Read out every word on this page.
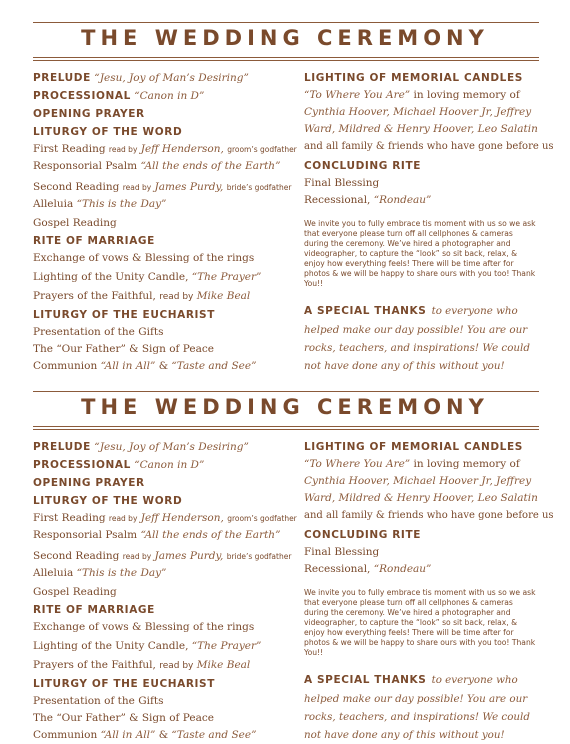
THE WEDDING CEREMONY
PRELUDE “Jesu, Joy of Man’s Desiring”
PROCESSIONAL “Canon in D”
OPENING PRAYER
LITURGY OF THE WORD
First Reading read by Jeff Henderson, groom’s godfather
Responsorial Psalm “All the ends of the Earth”
Second Reading read by James Purdy, bride’s godfather
Alleluia “This is the Day”
Gospel Reading
RITE OF MARRIAGE
Exchange of vows & Blessing of the rings
Lighting of the Unity Candle, “The Prayer”
Prayers of the Faithful, read by Mike Beal
LITURGY OF THE EUCHARIST
Presentation of the Gifts
The “Our Father” & Sign of Peace
Communion “All in All” & “Taste and See”
LIGHTING OF MEMORIAL CANDLES
“To Where You Are” in loving memory of
Cynthia Hoover, Michael Hoover Jr, Jeffrey
Ward, Mildred & Henry Hoover, Leo Salatin
and all family & friends who have gone before us
CONCLUDING RITE
Final Blessing
Recessional, “Rondeau”
We invite you to fully embrace tis moment with us so we ask that everyone please turn off all cellphones & cameras during the ceremony. We’ve hired a photographer and videographer, to capture the “look” so sit back, relax, & enjoy how everything feels! There will be time after for photos & we will be happy to share ours with you too! Thank You!!
A SPECIAL THANKS to everyone who helped make our day possible! You are our rocks, teachers, and inspirations! We could not have done any of this without you!
THE WEDDING CEREMONY
PRELUDE “Jesu, Joy of Man’s Desiring”
PROCESSIONAL “Canon in D”
OPENING PRAYER
LITURGY OF THE WORD
First Reading read by Jeff Henderson, groom’s godfather
Responsorial Psalm “All the ends of the Earth”
Second Reading read by James Purdy, bride’s godfather
Alleluia “This is the Day”
Gospel Reading
RITE OF MARRIAGE
Exchange of vows & Blessing of the rings
Lighting of the Unity Candle, “The Prayer”
Prayers of the Faithful, read by Mike Beal
LITURGY OF THE EUCHARIST
Presentation of the Gifts
The “Our Father” & Sign of Peace
Communion “All in All” & “Taste and See”
LIGHTING OF MEMORIAL CANDLES
“To Where You Are” in loving memory of
Cynthia Hoover, Michael Hoover Jr, Jeffrey
Ward, Mildred & Henry Hoover, Leo Salatin
and all family & friends who have gone before us
CONCLUDING RITE
Final Blessing
Recessional, “Rondeau”
We invite you to fully embrace tis moment with us so we ask that everyone please turn off all cellphones & cameras during the ceremony. We’ve hired a photographer and videographer, to capture the “look” so sit back, relax, & enjoy how everything feels! There will be time after for photos & we will be happy to share ours with you too! Thank You!!
A SPECIAL THANKS to everyone who helped make our day possible! You are our rocks, teachers, and inspirations! We could not have done any of this without you!
